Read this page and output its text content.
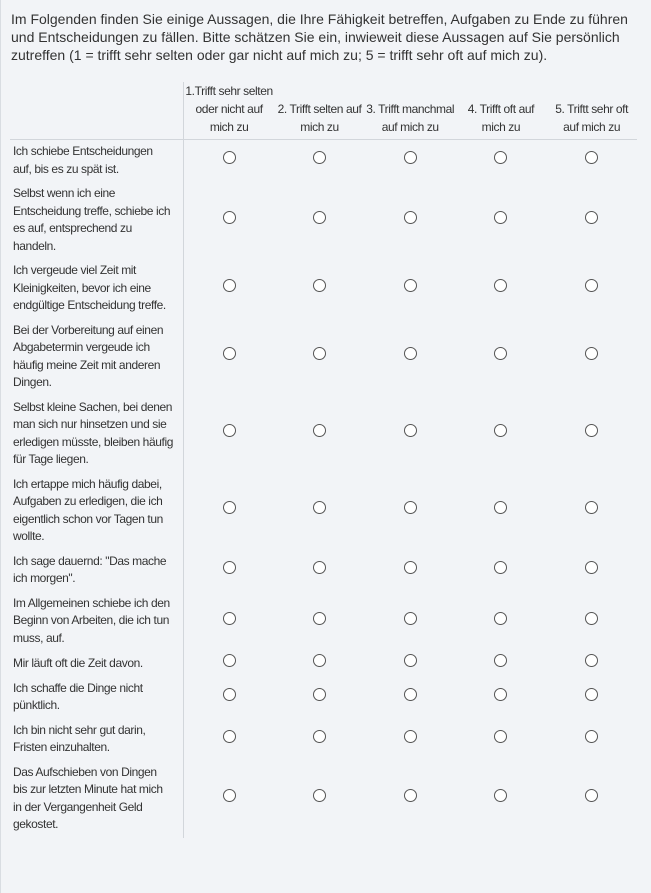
Im Folgenden finden Sie einige Aussagen, die Ihre Fähigkeit betreffen, Aufgaben zu Ende zu führen und Entscheidungen zu fällen. Bitte schätzen Sie ein, inwieweit diese Aussagen auf Sie persönlich zutreffen (1 = trifft sehr selten oder gar nicht auf mich zu; 5 = trifft sehr oft auf mich zu).
	1.Trifft sehr selten oder nicht auf mich zu	2. Trifft selten auf mich zu	3. Trifft manchmal auf mich zu	4. Trifft oft auf mich zu	5. Triftt sehr oft auf mich zu
Ich schiebe Entscheidungen auf, bis es zu spät ist.					
Selbst wenn ich eine Entscheidung treffe, schiebe ich es auf, entsprechend zu handeln.					
Ich vergeude viel Zeit mit Kleinigkeiten, bevor ich eine endgültige Entscheidung treffe.					
Bei der Vorbereitung auf einen Abgabetermin vergeude ich häufig meine Zeit mit anderen Dingen.					
Selbst kleine Sachen, bei denen man sich nur hinsetzen und sie erledigen müsste, bleiben häufig für Tage liegen.					
Ich ertappe mich häufig dabei, Aufgaben zu erledigen, die ich eigentlich schon vor Tagen tun wollte.					
Ich sage dauernd: "Das mache ich morgen".					
Im Allgemeinen schiebe ich den Beginn von Arbeiten, die ich tun muss, auf.					
Mir läuft oft die Zeit davon.					
Ich schaffe die Dinge nicht pünktlich.					
Ich bin nicht sehr gut darin, Fristen einzuhalten.					
Das Aufschieben von Dingen bis zur letzten Minute hat mich in der Vergangenheit Geld gekostet.					
